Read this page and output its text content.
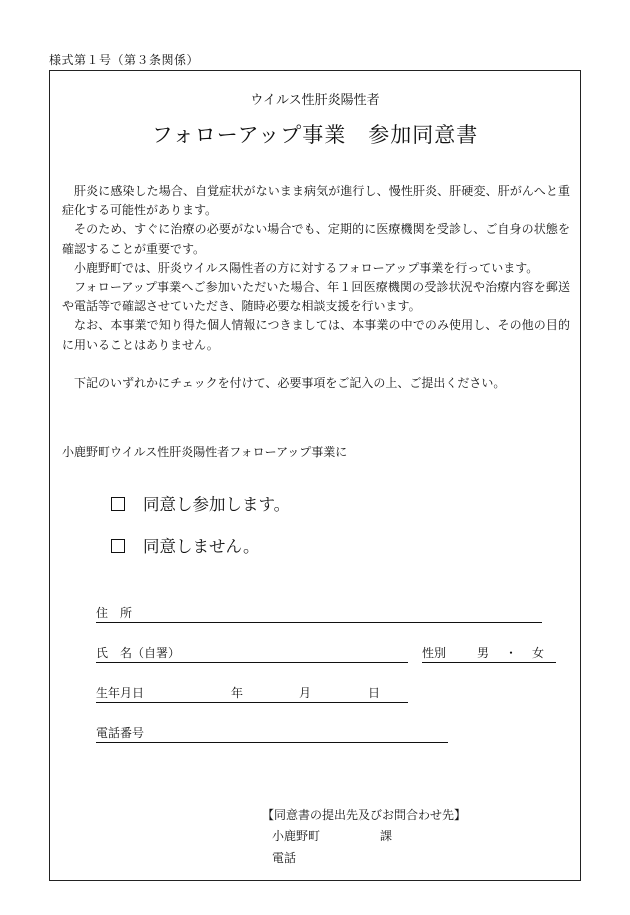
様式第１号（第３条関係）
ウイルス性肝炎陽性者
フォローアップ事業　参加同意書

肝炎に感染した場合、自覚症状がないまま病気が進行し、慢性肝炎、肝硬変、肝がんへと重症化する可能性があります。

そのため、すぐに治療の必要がない場合でも、定期的に医療機関を受診し、ご自身の状態を確認することが重要です。

小鹿野町では、肝炎ウイルス陽性者の方に対するフォローアップ事業を行っています。

フォローアップ事業へご参加いただいた場合、年１回医療機関の受診状況や治療内容を郵送や電話等で確認させていただき、随時必要な相談支援を行います。

なお、本事業で知り得た個人情報につきましては、本事業の中でのみ使用し、その他の目的に用いることはありません。

下記のいずれかにチェックを付けて、必要事項をご記入の上、ご提出ください。

小鹿野町ウイルス性肝炎陽性者フォローアップ事業に
同意し参加します。
同意しません。
住　所
氏　名（自署）	性別	男 ・ 女
生年月日	年	月	日
電話番号
【同意書の提出先及びお問合わせ先】
小鹿野町	課
電話
